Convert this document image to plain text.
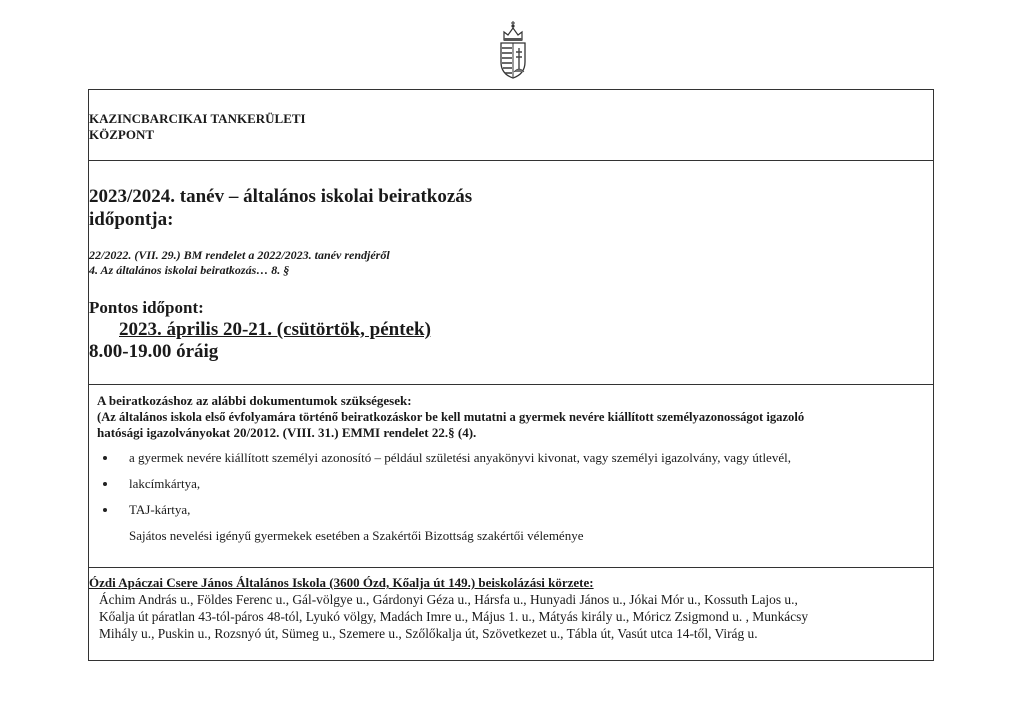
KAZINCBARCIKAI TANKERÜLETI
KÖZPONT
2023/2024. tanév – általános iskolai beiratkozás
időpontja:
22/2022. (VII. 29.) BM rendelet a 2022/2023. tanév rendjéről
4. Az általános iskolai beiratkozás… 8. §
Pontos időpont:
2023. április 20-21. (csütörtök, péntek)
8.00-19.00 óráig
A beiratkozáshoz az alábbi dokumentumok szükségesek:
(Az általános iskola első évfolyamára történő beiratkozáskor be kell mutatni a gyermek nevére kiállított személyazonosságot igazoló
hatósági igazolványokat 20/2012. (VIII. 31.) EMMI rendelet 22.§ (4).
a gyermek nevére kiállított személyi azonosító – például születési anyakönyvi kivonat, vagy személyi igazolvány, vagy útlevél,
lakcímkártya,
TAJ-kártya,
Sajátos nevelési igényű gyermekek esetében a Szakértői Bizottság szakértői véleménye
Ózdi Apáczai Csere János Általános Iskola (3600 Ózd, Kőalja út 149.) beiskolázási körzete:
Áchim András u., Földes Ferenc u., Gál-völgye u., Gárdonyi Géza u., Hársfa u., Hunyadi János u., Jókai Mór u., Kossuth Lajos u.,
Kőalja út páratlan 43-tól-páros 48-tól, Lyukó völgy, Madách Imre u., Május 1. u., Mátyás király u., Móricz Zsigmond u. , Munkácsy
Mihály u., Puskin u., Rozsnyó út, Sümeg u., Szemere u., Szőlőkalja út, Szövetkezet u., Tábla út, Vasút utca 14-től, Virág u.
